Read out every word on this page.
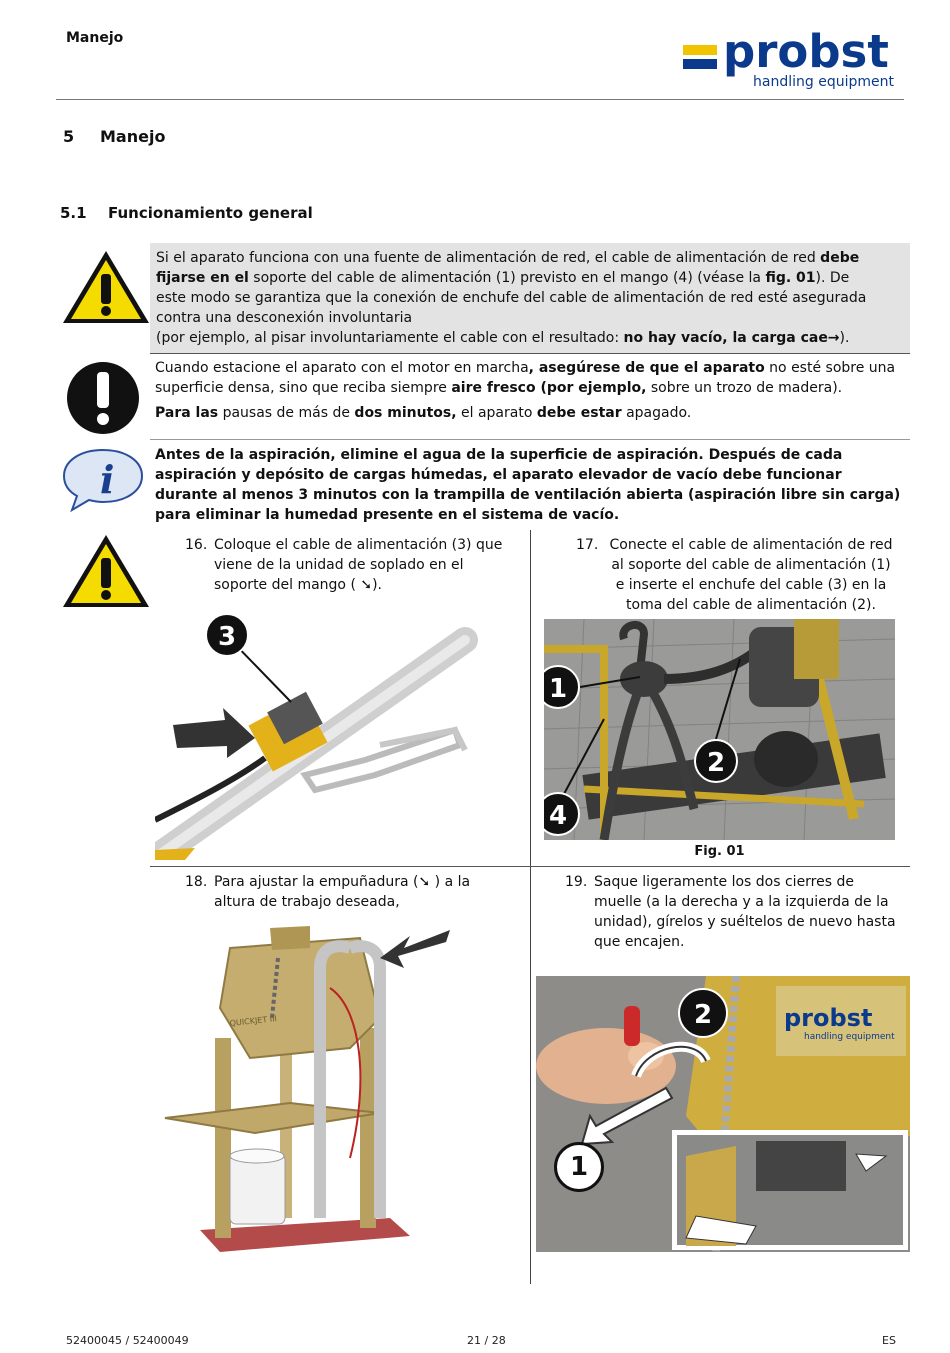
Manejo	probst
handling equipment
5 Manejo
5.1 Funcionamiento general
Si el aparato funciona con una fuente de alimentación de red, el cable de alimentación de red debe fijarse en el soporte del cable de alimentación (1) previsto en el mango (4) (véase la fig. 01). De
este modo se garantiza que la conexión de enchufe del cable de alimentación de red esté asegurada contra una desconexión involuntaria
(por ejemplo, al pisar involuntariamente el cable con el resultado: no hay vacío, la carga cae→).
Cuando estacione el aparato con el motor en marcha, asegúrese de que el aparato no esté sobre una superficie densa, sino que reciba siempre aire fresco (por ejemplo, sobre un trozo de madera).
Para las pausas de más de dos minutos, el aparato debe estar apagado.
i
Antes de la aspiración, elimine el agua de la superficie de aspiración. Después de cada aspiración y depósito de cargas húmedas, el aparato elevador de vacío debe funcionar durante al menos 3 minutos con la trampilla de ventilación abierta (aspiración libre sin carga) para eliminar la humedad presente en el sistema de vacío.
16. Coloque el cable de alimentación (3) que viene de la unidad de soplado en el soporte del mango ( ➘).
3
17. Conecte el cable de alimentación de red al soporte del cable de alimentación (1) e inserte el enchufe del cable (3) en la toma del cable de alimentación (2).
1
2
4
Fig. 01
18. Para ajustar la empuñadura (➘ ) a la altura de trabajo deseada,
QUICKJET III
19. Saque ligeramente los dos cierres de muelle (a la derecha y a la izquierda de la unidad), gírelos y suéltelos de nuevo hasta que encajen.
probst
handling equipment
2
1
52400045 / 52400049	21 / 28	ES
